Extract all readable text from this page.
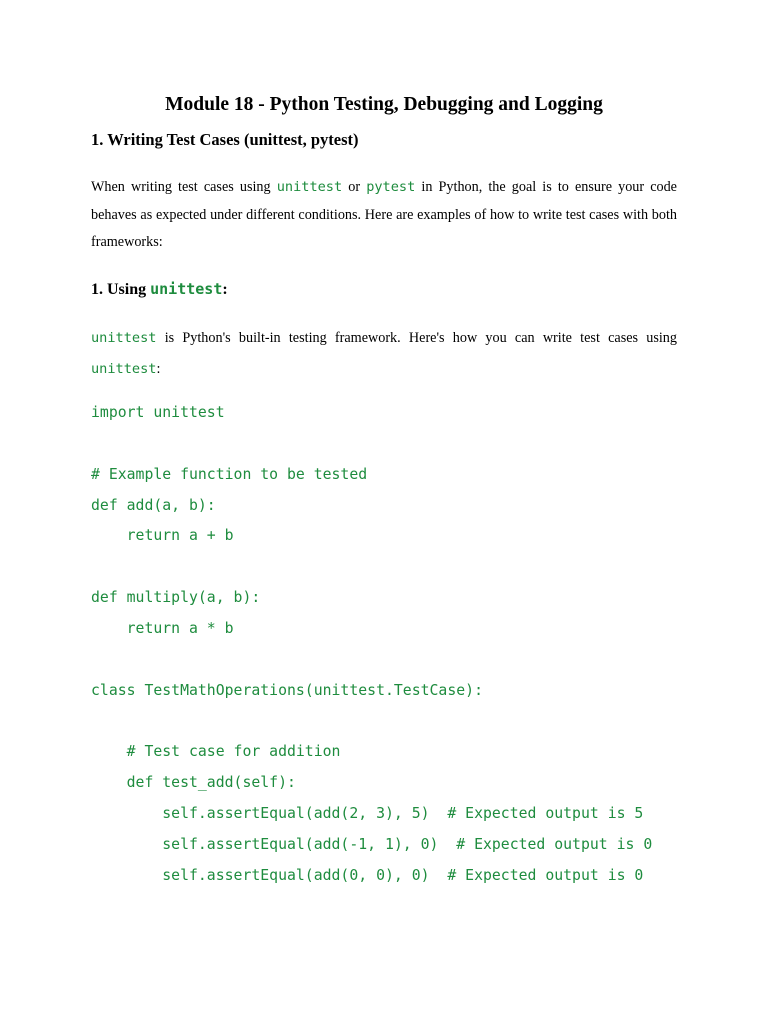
Module 18 - Python Testing, Debugging and Logging
1. Writing Test Cases (unittest, pytest)
When writing test cases using unittest or pytest in Python, the goal is to ensure your code behaves as expected under different conditions. Here are examples of how to write test cases with both frameworks:
1. Using unittest:
unittest is Python's built-in testing framework. Here's how you can write test cases using unittest:
import unittest
# Example function to be tested
def add(a, b):
return a + b
def multiply(a, b):
return a * b
class TestMathOperations(unittest.TestCase):
# Test case for addition
def test_add(self):
self.assertEqual(add(2, 3), 5)  # Expected output is 5
self.assertEqual(add(-1, 1), 0)  # Expected output is 0
self.assertEqual(add(0, 0), 0)  # Expected output is 0
